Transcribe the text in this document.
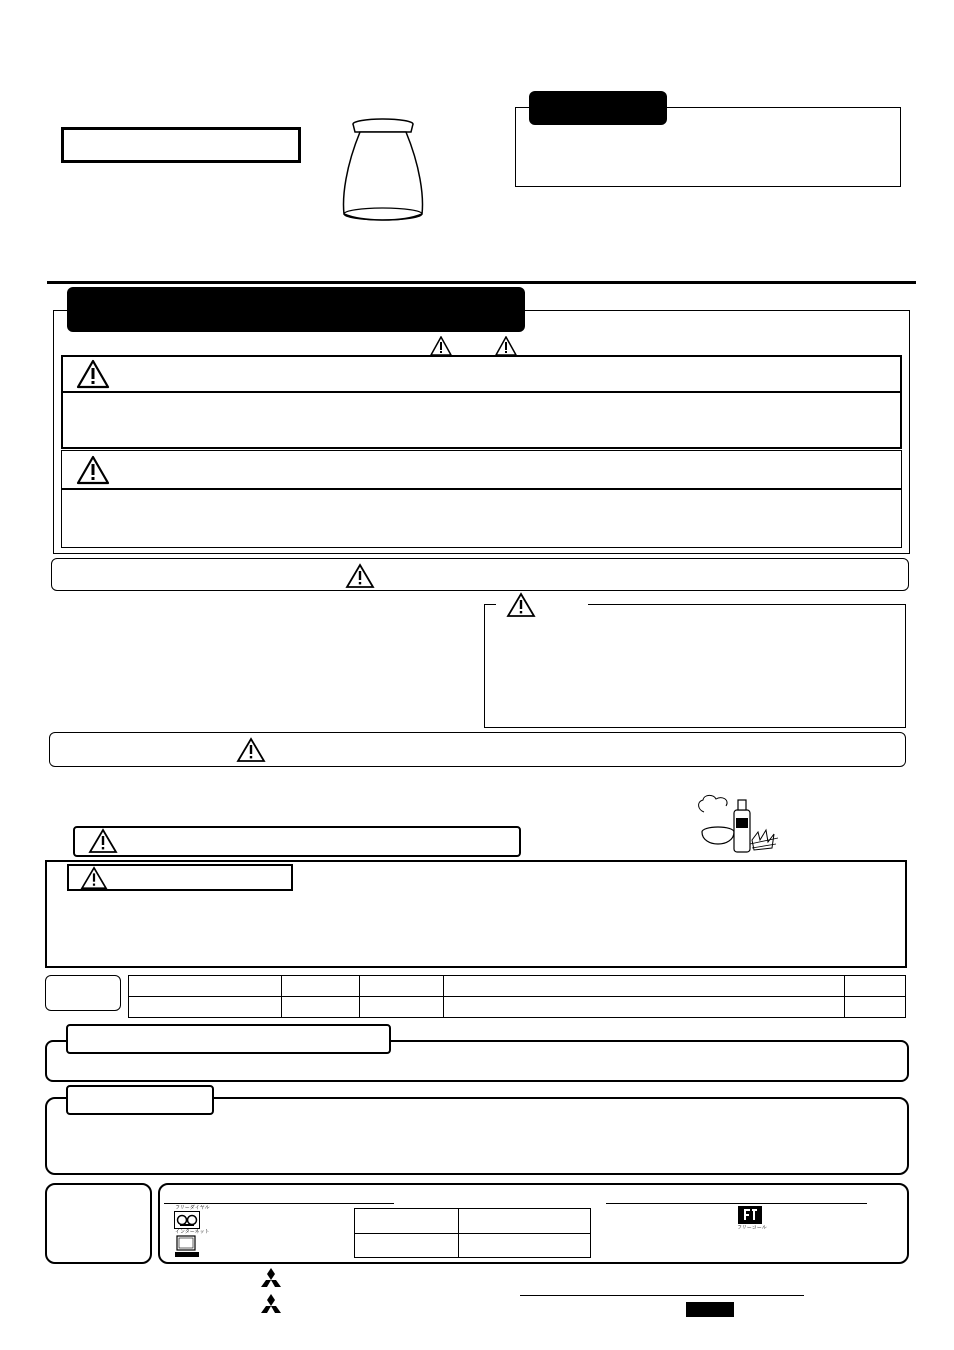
フリーダイヤル
インターネット
フリーコール
